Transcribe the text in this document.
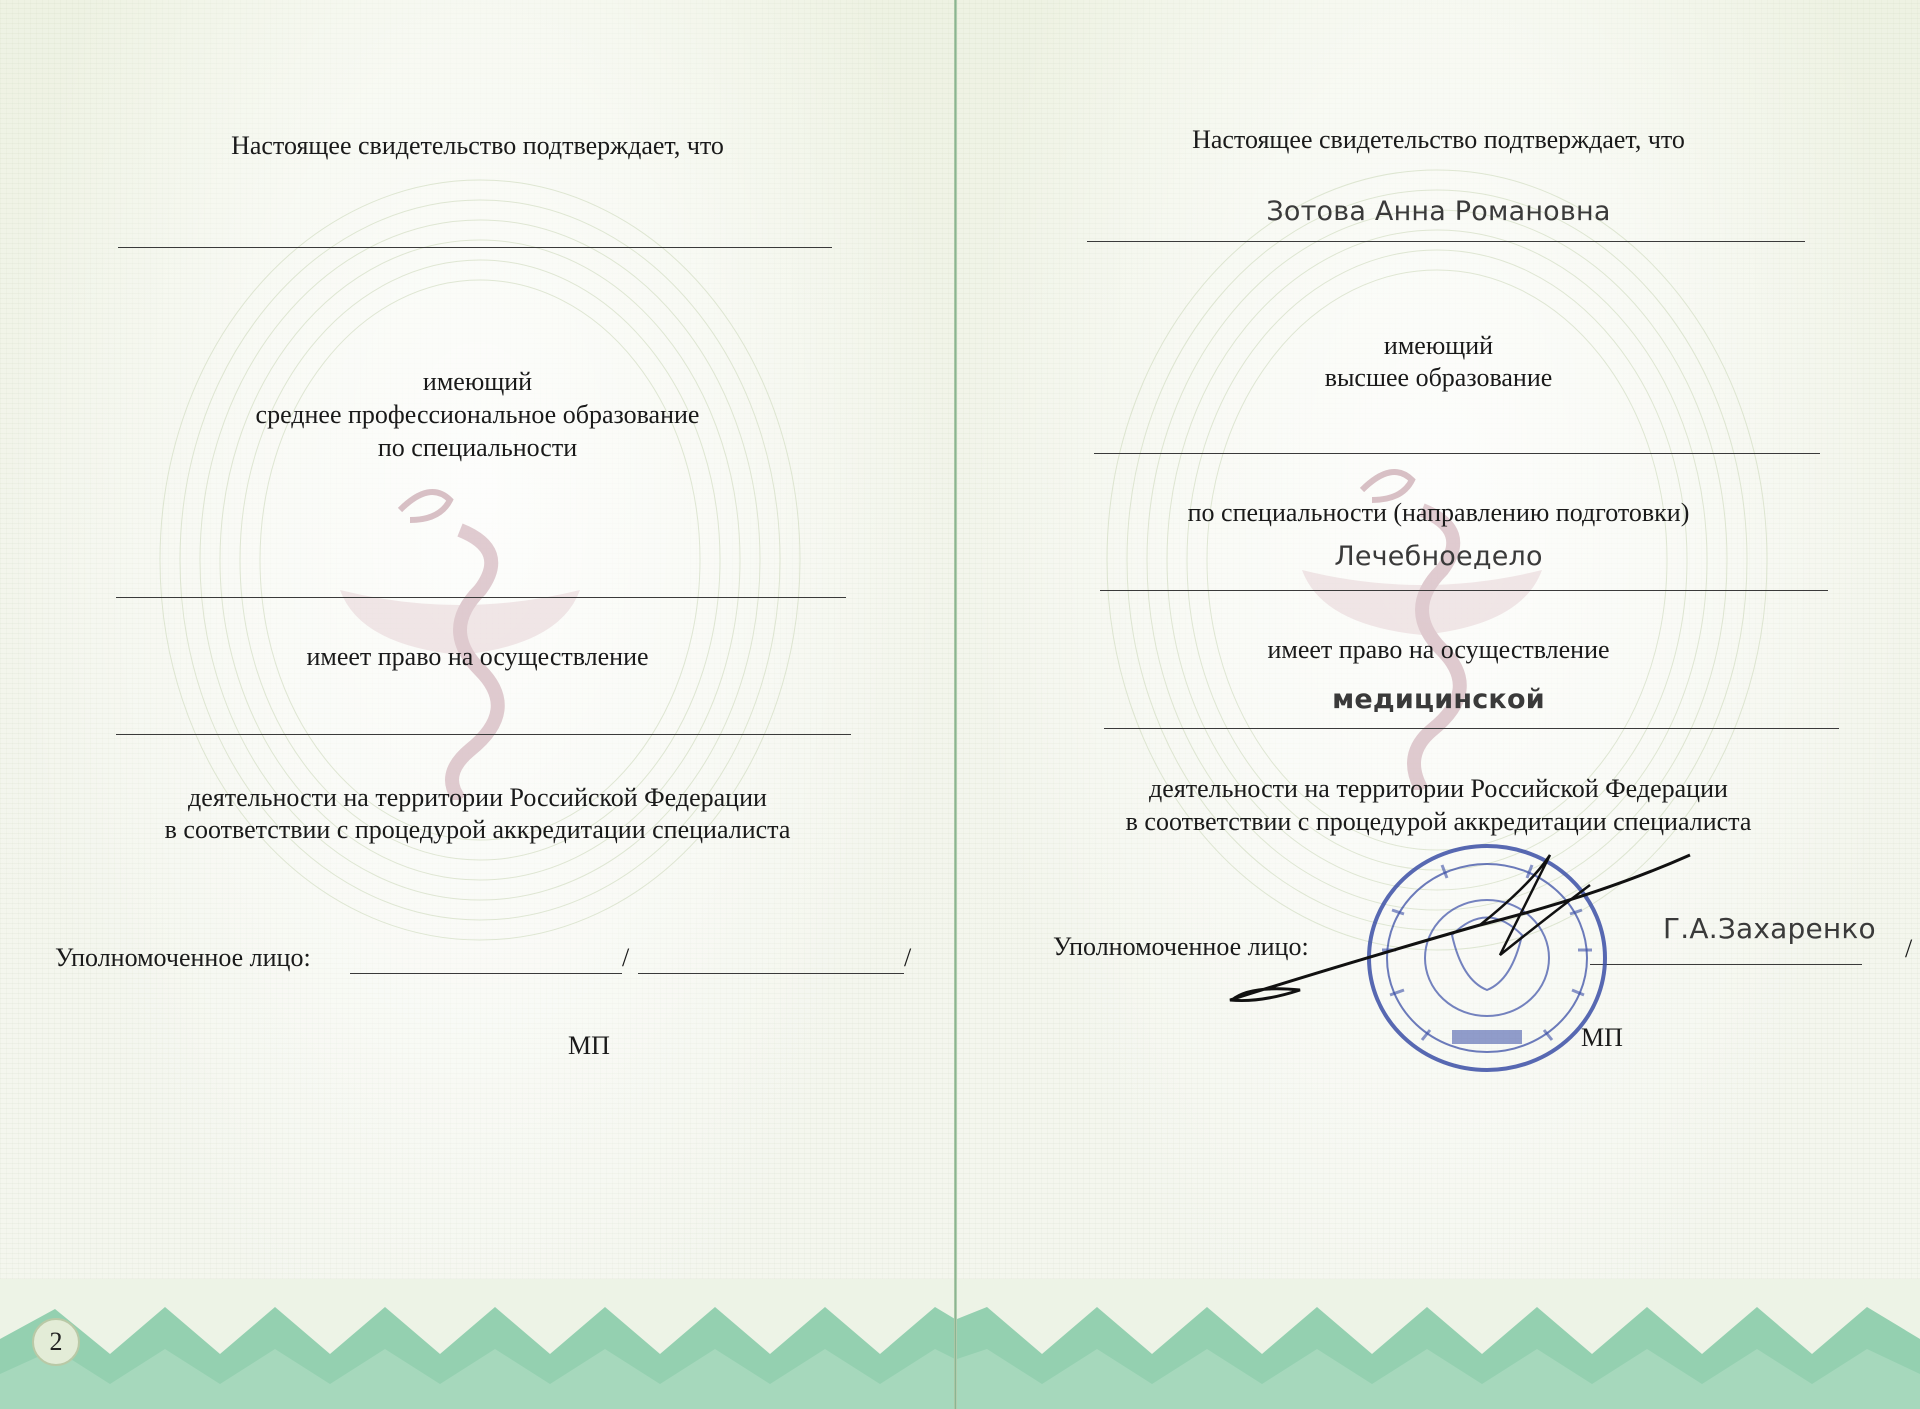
Настоящее свидетельство подтверждает, что
имеющий
среднее профессиональное образование
по специальности
имеет право на осуществление
деятельности на территории Российской Федерации
в соответствии с процедурой аккредитации специалиста
Уполномоченное лицо:	/	/
МП
2
Настоящее свидетельство подтверждает, что
Зотова Анна Романовна
имеющий
высшее образование
по специальности (направлению подготовки)
Лечебноедело
имеет право на осуществление
медицинской
деятельности на территории Российской Федерации
в соответствии с процедурой аккредитации специалиста
Уполномоченное лицо:
Г.А.Захаренко
/
МП
